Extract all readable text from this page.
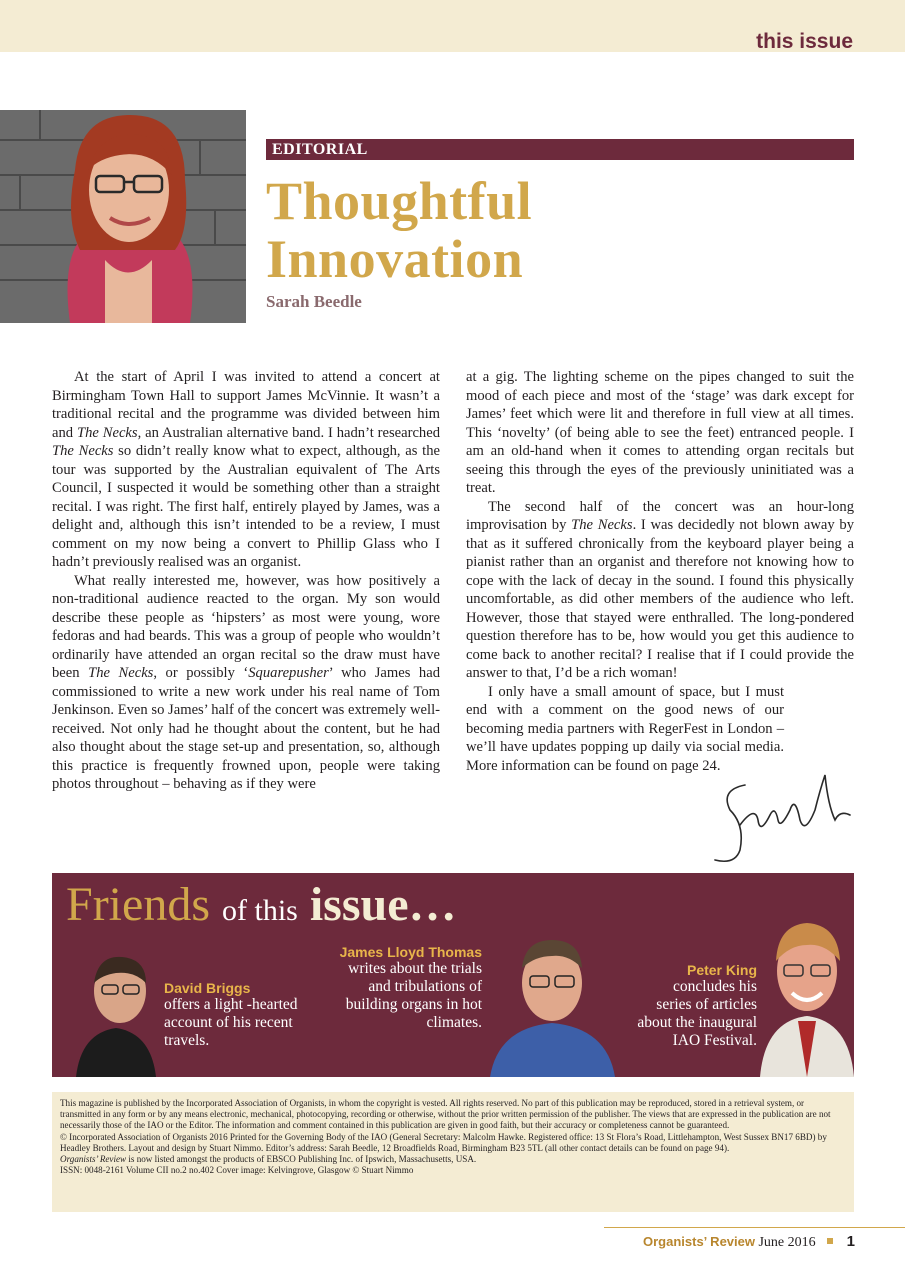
this issue
EDITORIAL
Thoughtful
Innovation
Sarah Beedle

At the start of April I was invited to attend a concert at Birmingham Town Hall to support James McVinnie. It wasn’t a traditional recital and the programme was divided between him and The Necks, an Australian alternative band. I hadn’t researched The Necks so didn’t really know what to expect, although, as the tour was supported by the Australian equivalent of The Arts Council, I suspected it would be something other than a straight recital. I was right. The first half, entirely played by James, was a delight and, although this isn’t intended to be a review, I must comment on my now being a convert to Phillip Glass who I hadn’t previously realised was an organist.

What really interested me, however, was how positively a non-traditional audience reacted to the organ. My son would describe these people as ‘hipsters’ as most were young, wore fedoras and had beards. This was a group of people who wouldn’t ordinarily have attended an organ recital so the draw must have been The Necks, or possibly ‘Squarepusher’ who James had commissioned to write a new work under his real name of Tom Jenkinson. Even so James’ half of the concert was extremely well-received. Not only had he thought about the content, but he had also thought about the stage set-up and presentation, so, although this practice is frequently frowned upon, people were taking photos throughout – behaving as if they were

at a gig. The lighting scheme on the pipes changed to suit the mood of each piece and most of the ‘stage’ was dark except for James’ feet which were lit and therefore in full view at all times. This ‘novelty’ (of being able to see the feet) entranced people. I am an old-hand when it comes to attending organ recitals but seeing this through the eyes of the previously uninitiated was a treat.

The second half of the concert was an hour-long improvisation by The Necks. I was decidedly not blown away by that as it suffered chronically from the keyboard player being a pianist rather than an organist and therefore not knowing how to cope with the lack of decay in the sound. I found this physically uncomfortable, as did other members of the audience who left. However, those that stayed were enthralled. The long-pondered question therefore has to be, how would you get this audience to come back to another recital? I realise that if I could provide the answer to that, I’d be a rich woman!

I only have a small amount of space, but I must end with a comment on the good news of our becoming media partners with RegerFest in London – we’ll have updates popping up daily via social media. More information can be found on page 24.

Friends of this issue…
David Briggs
offers a light -hearted account of his recent travels.
James Lloyd Thomas
writes about the trials and tribulations of building organs in hot climates.
Peter King
concludes his series of articles about the inaugural IAO Festival.

This magazine is published by the Incorporated Association of Organists, in whom the copyright is vested. All rights reserved. No part of this publication may be reproduced, stored in a retrieval system, or transmitted in any form or by any means electronic, mechanical, photocopying, recording or otherwise, without the prior written permission of the publisher. The views that are expressed in the publication are not necessarily those of the IAO or the Editor. The information and comment contained in this publication are given in good faith, but their accuracy or completeness cannot be guaranteed.

© Incorporated Association of Organists 2016 Printed for the Governing Body of the IAO (General Secretary: Malcolm Hawke. Registered office: 13 St Flora’s Road, Littlehampton, West Sussex BN17 6BD) by Headley Brothers. Layout and design by Stuart Nimmo. Editor’s address: Sarah Beedle, 12 Broadfields Road, Birmingham B23 5TL (all other contact details can be found on page 94).

Organists’ Review is now listed amongst the products of EBSCO Publishing Inc. of Ipswich, Massachusetts, USA.

ISSN: 0048-2161 Volume CII no.2 no.402 Cover image: Kelvingrove, Glasgow © Stuart Nimmo

Organists’ Review June 2016 1
